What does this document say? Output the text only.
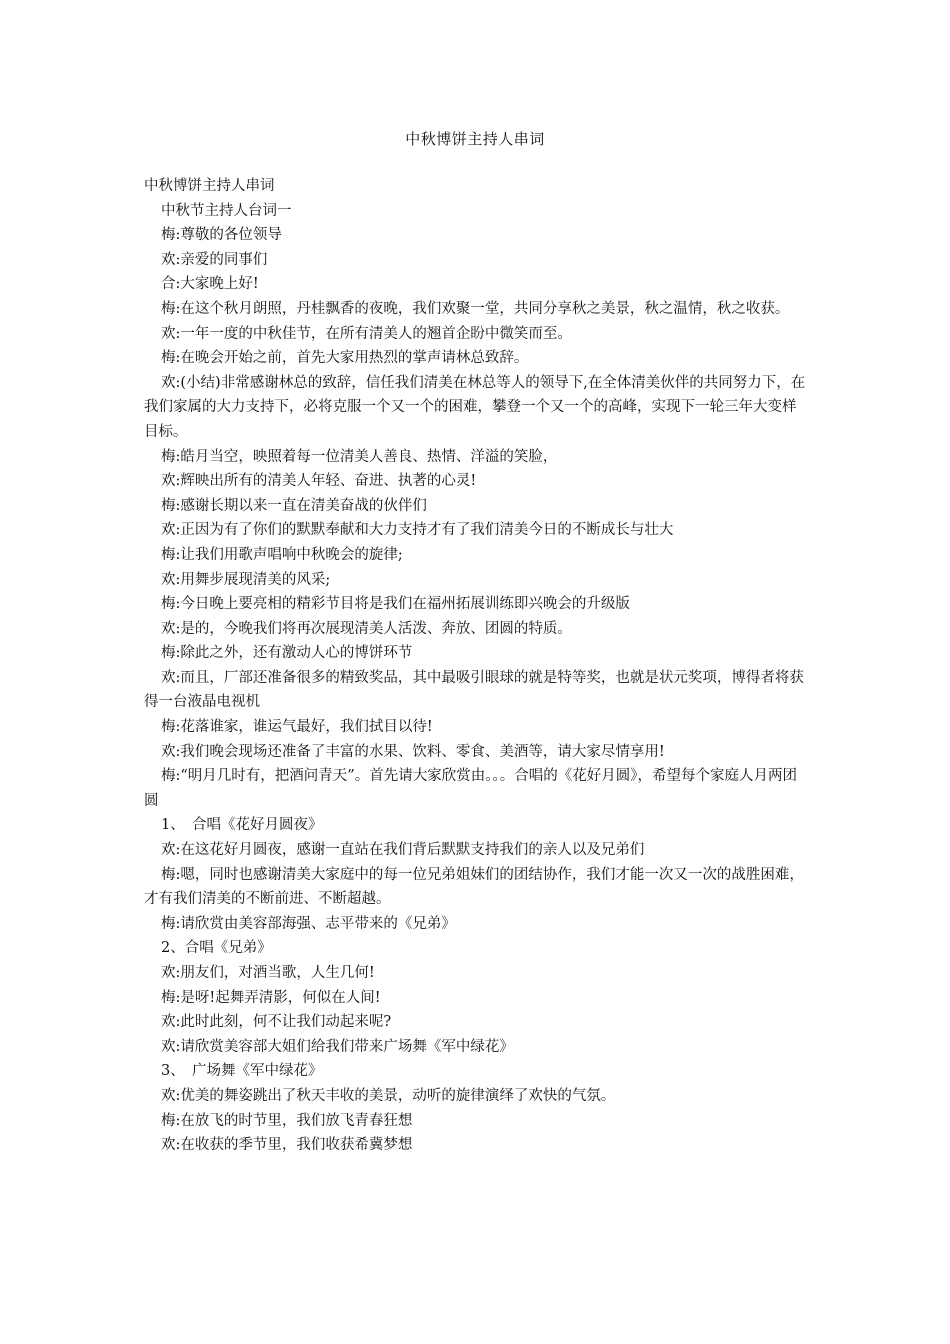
中秋博饼主持人串词

中秋博饼主持人串词

中秋节主持人台词一

梅:尊敬的各位领导

欢:亲爱的同事们

合:大家晚上好!

梅:在这个秋月朗照，丹桂飘香的夜晚，我们欢聚一堂，共同分享秋之美景，秋之温情，秋之收获。

欢:一年一度的中秋佳节，在所有清美人的翘首企盼中微笑而至。

梅:在晚会开始之前，首先大家用热烈的掌声请林总致辞。

欢:(小结)非常感谢林总的致辞，信任我们清美在林总等人的领导下,在全体清美伙伴的共同努力下，在我们家属的大力支持下，必将克服一个又一个的困难，攀登一个又一个的高峰，实现下一轮三年大变样目标。

梅:皓月当空，映照着每一位清美人善良、热情、洋溢的笑脸，

欢:辉映出所有的清美人年轻、奋进、执著的心灵!

梅:感谢长期以来一直在清美奋战的伙伴们

欢:正因为有了你们的默默奉献和大力支持才有了我们清美今日的不断成长与壮大

梅:让我们用歌声唱响中秋晚会的旋律;

欢:用舞步展现清美的风采;

梅:今日晚上要亮相的精彩节目将是我们在福州拓展训练即兴晚会的升级版

欢:是的，今晚我们将再次展现清美人活泼、奔放、团圆的特质。

梅:除此之外，还有激动人心的博饼环节

欢:而且，厂部还准备很多的精致奖品，其中最吸引眼球的就是特等奖，也就是状元奖项，博得者将获得一台液晶电视机

梅:花落谁家，谁运气最好，我们拭目以待!

欢:我们晚会现场还准备了丰富的水果、饮料、零食、美酒等，请大家尽情享用!

梅:“明月几时有，把酒问青天”。首先请大家欣赏由。。。合唱的《花好月圆》，希望每个家庭人月两团圆

1、　合唱《花好月圆夜》

欢:在这花好月圆夜，感谢一直站在我们背后默默支持我们的亲人以及兄弟们

梅:嗯，同时也感谢清美大家庭中的每一位兄弟姐妹们的团结协作，我们才能一次又一次的战胜困难，才有我们清美的不断前进、不断超越。

梅:请欣赏由美容部海强、志平带来的《兄弟》

2、合唱《兄弟》

欢:朋友们，对酒当歌，人生几何!

梅:是呀!起舞弄清影，何似在人间!

欢:此时此刻，何不让我们动起来呢?

欢:请欣赏美容部大姐们给我们带来广场舞《军中绿花》

3、　广场舞《军中绿花》

欢:优美的舞姿跳出了秋天丰收的美景，动听的旋律演绎了欢快的气氛。

梅:在放飞的时节里，我们放飞青春狂想

欢:在收获的季节里，我们收获希冀梦想
